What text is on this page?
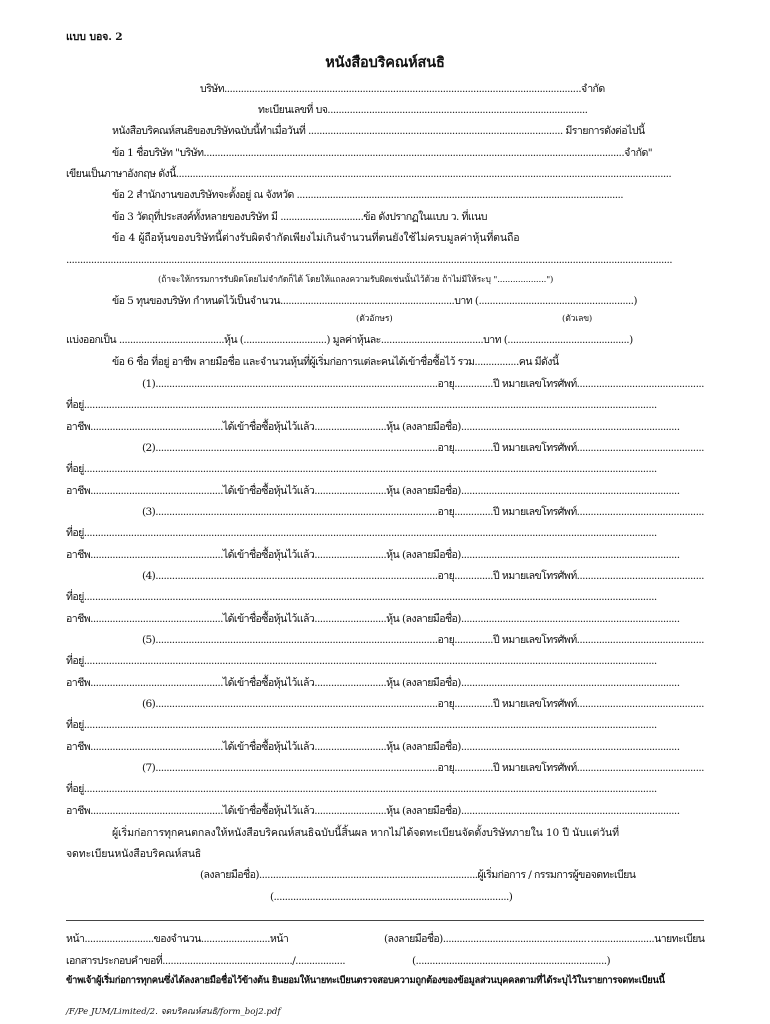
แบบ บอจ. 2
หนังสือบริคณห์สนธิ
บริษัท.................................................................................................................................จำกัด
ทะเบียนเลขที่ บจ..............................................................................................
หนังสือบริคณห์สนธิของบริษัทฉบับนี้ทำเมื่อวันที่ ............................................................................................ มีรายการดังต่อไปนี้
ข้อ 1 ชื่อบริษัท "บริษัท........................................................................................................................................................จำกัด"
เขียนเป็นภาษาอังกฤษ ดังนี้...................................................................................................................................................................................
ข้อ 2 สำนักงานของบริษัทจะตั้งอยู่ ณ จังหวัด ......................................................................................................................
ข้อ 3 วัตถุที่ประสงค์ทั้งหลายของบริษัท มี ..............................ข้อ ดังปรากฏในแบบ ว. ที่แนบ
ข้อ 4 ผู้ถือหุ้นของบริษัทนี้ต่างรับผิดจำกัดเพียงไม่เกินจำนวนที่ตนยังใช้ไม่ครบมูลค่าหุ้นที่ตนถือ
...........................................................................................................................................................................................................................
(ถ้าจะให้กรรมการรับผิดโดยไม่จำกัดก็ได้ โดยให้แถลงความรับผิดเช่นนั้นไว้ด้วย ถ้าไม่มีให้ระบุ "...................")
ข้อ 5 ทุนของบริษัท กำหนดไว้เป็นจำนวน...............................................................บาท (........................................................)
(ตัวอักษร)	(ตัวเลข)
แบ่งออกเป็น ......................................หุ้น (..............................) มูลค่าหุ้นละ.....................................บาท (............................................)
ข้อ 6 ชื่อ ที่อยู่ อาชีพ ลายมือชื่อ และจำนวนหุ้นที่ผู้เริ่มก่อการแต่ละคนได้เข้าชื่อซื้อไว้ รวม................คน มีดังนี้
(1)......................................................................................................อายุ..............ปี หมายเลขโทรศัพท์..............................................
ที่อยู่...............................................................................................................................................................................................................
อาชีพ................................................ได้เข้าชื่อซื้อหุ้นไว้แล้ว..........................หุ้น (ลงลายมือชื่อ)...............................................................................
(2)......................................................................................................อายุ..............ปี หมายเลขโทรศัพท์..............................................
ที่อยู่...............................................................................................................................................................................................................
อาชีพ................................................ได้เข้าชื่อซื้อหุ้นไว้แล้ว..........................หุ้น (ลงลายมือชื่อ)...............................................................................
(3)......................................................................................................อายุ..............ปี หมายเลขโทรศัพท์..............................................
ที่อยู่...............................................................................................................................................................................................................
อาชีพ................................................ได้เข้าชื่อซื้อหุ้นไว้แล้ว..........................หุ้น (ลงลายมือชื่อ)...............................................................................
(4)......................................................................................................อายุ..............ปี หมายเลขโทรศัพท์..............................................
ที่อยู่...............................................................................................................................................................................................................
อาชีพ................................................ได้เข้าชื่อซื้อหุ้นไว้แล้ว..........................หุ้น (ลงลายมือชื่อ)...............................................................................
(5)......................................................................................................อายุ..............ปี หมายเลขโทรศัพท์..............................................
ที่อยู่...............................................................................................................................................................................................................
อาชีพ................................................ได้เข้าชื่อซื้อหุ้นไว้แล้ว..........................หุ้น (ลงลายมือชื่อ)...............................................................................
(6)......................................................................................................อายุ..............ปี หมายเลขโทรศัพท์..............................................
ที่อยู่...............................................................................................................................................................................................................
อาชีพ................................................ได้เข้าชื่อซื้อหุ้นไว้แล้ว..........................หุ้น (ลงลายมือชื่อ)...............................................................................
(7)......................................................................................................อายุ..............ปี หมายเลขโทรศัพท์..............................................
ที่อยู่...............................................................................................................................................................................................................
อาชีพ................................................ได้เข้าชื่อซื้อหุ้นไว้แล้ว..........................หุ้น (ลงลายมือชื่อ)...............................................................................
ผู้เริ่มก่อการทุกคนตกลงให้หนังสือบริคณห์สนธิฉบับนี้สิ้นผล หากไม่ได้จดทะเบียนจัดตั้งบริษัทภายใน 10 ปี นับแต่วันที่
จดทะเบียนหนังสือบริคณห์สนธิ
(ลงลายมือชื่อ)...............................................................................ผู้เริ่มก่อการ / กรรมการผู้ขอจดทะเบียน
(.....................................................................................)
หน้า.........................ของจำนวน.........................หน้า	(ลงลายมือชื่อ)...................................................…......................นายทะเบียน
เอกสารประกอบคำขอที่.............................................../..................	(.....................................................................)
ข้าพเจ้าผู้เริ่มก่อการทุกคนซึ่งได้ลงลายมือชื่อไว้ข้างต้น ยินยอมให้นายทะเบียนตรวจสอบความถูกต้องของข้อมูลส่วนบุคคลตามที่ได้ระบุไว้ในรายการจดทะเบียนนี้
/F/Pe JUM/Limited/2. จดบริคณห์สนธิ/form_boj2.pdf
